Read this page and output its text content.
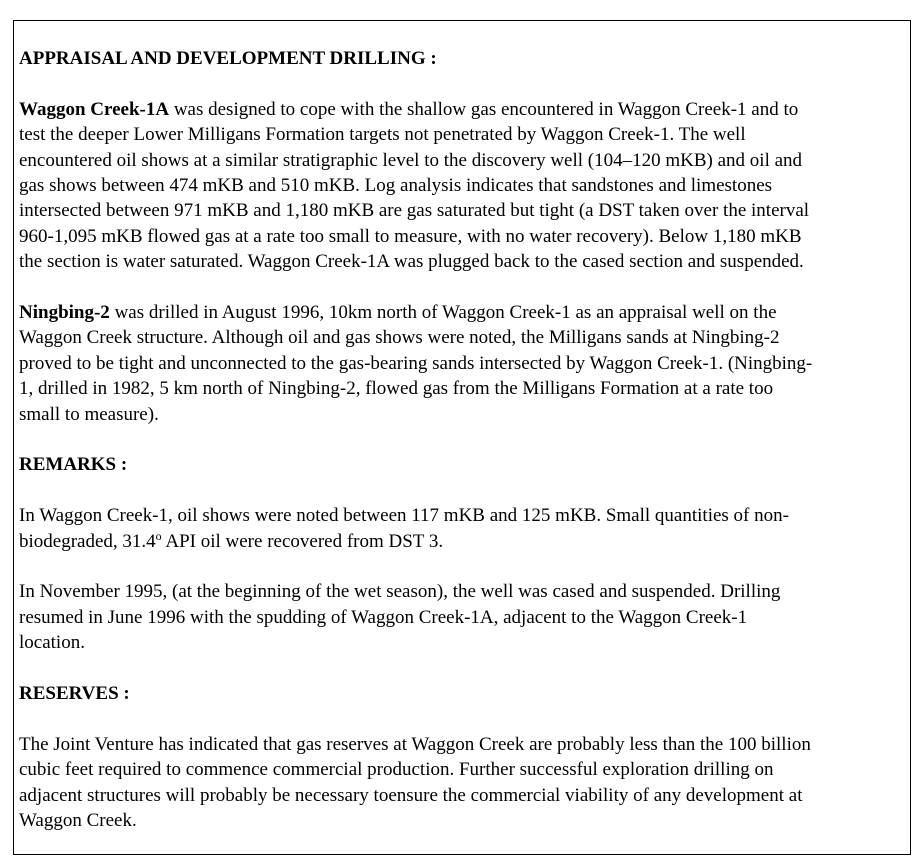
APPRAISAL AND DEVELOPMENT DRILLING :
Waggon Creek-1A was designed to cope with the shallow gas encountered in Waggon Creek-1 and to
test the deeper Lower Milligans Formation targets not penetrated by Waggon Creek-1. The well
encountered oil shows at a similar stratigraphic level to the discovery well (104–120 mKB) and oil and
gas shows between 474 mKB and 510 mKB. Log analysis indicates that sandstones and limestones
intersected between 971 mKB and 1,180 mKB are gas saturated but tight (a DST taken over the interval
960-1,095 mKB flowed gas at a rate too small to measure, with no water recovery). Below 1,180 mKB
the section is water saturated. Waggon Creek-1A was plugged back to the cased section and suspended.
Ningbing-2 was drilled in August 1996, 10km north of Waggon Creek-1 as an appraisal well on the
Waggon Creek structure. Although oil and gas shows were noted, the Milligans sands at Ningbing-2
proved to be tight and unconnected to the gas-bearing sands intersected by Waggon Creek-1. (Ningbing-
1, drilled in 1982, 5 km north of Ningbing-2, flowed gas from the Milligans Formation at a rate too
small to measure).
REMARKS :
In Waggon Creek-1, oil shows were noted between 117 mKB and 125 mKB. Small quantities of non-
biodegraded, 31.4$^o$ API oil were recovered from DST 3.
In November 1995, (at the beginning of the wet season), the well was cased and suspended. Drilling
resumed in June 1996 with the spudding of Waggon Creek-1A, adjacent to the Waggon Creek-1
location.
RESERVES :
The Joint Venture has indicated that gas reserves at Waggon Creek are probably less than the 100 billion
cubic feet required to commence commercial production. Further successful exploration drilling on
adjacent structures will probably be necessary toensure the commercial viability of any development at
Waggon Creek.
